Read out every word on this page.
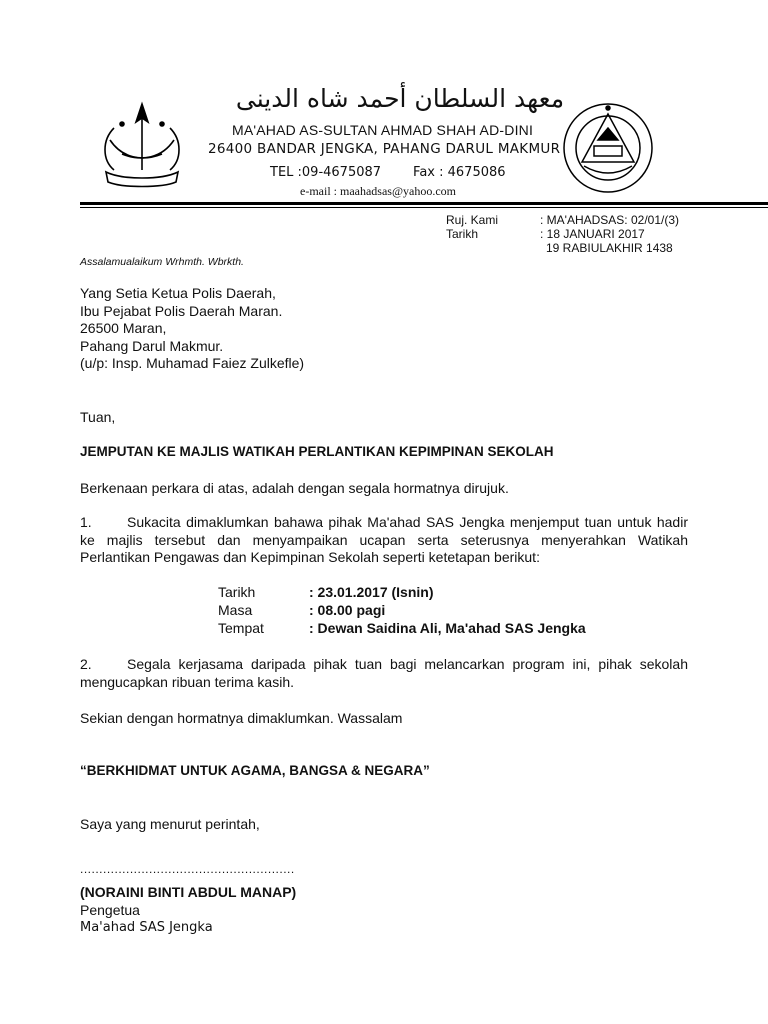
معهد السلطان أحمد شاه الدينى
MA'AHAD AS-SULTAN AHMAD SHAH AD-DINI
26400 BANDAR JENGKA, PAHANG DARUL MAKMUR
TEL :09-4675087 Fax : 4675086
e-mail : maahadsas@yahoo.com
Ruj. Kami	: MA'AHADSAS: 02/01/(3)
Tarikh	: 18 JANUARI 2017
19 RABIULAKHIR 1438
Assalamualaikum Wrhmth. Wbrkth.
Yang Setia Ketua Polis Daerah,
Ibu Pejabat Polis Daerah Maran.
26500 Maran,
Pahang Darul Makmur.
(u/p: Insp. Muhamad Faiez Zulkefle)
Tuan,
JEMPUTAN KE MAJLIS WATIKAH PERLANTIKAN KEPIMPINAN SEKOLAH
Berkenaan perkara di atas, adalah dengan segala hormatnya dirujuk.
1.	Sukacita dimaklumkan bahawa pihak Ma'ahad SAS Jengka menjemput tuan untuk hadir ke majlis tersebut dan menyampaikan ucapan serta seterusnya menyerahkan Watikah Perlantikan Pengawas dan Kepimpinan Sekolah seperti ketetapan berikut:
Tarikh	: 23.01.2017 (Isnin)
Masa	: 08.00 pagi
Tempat	: Dewan Saidina Ali, Ma'ahad SAS Jengka
2.	Segala kerjasama daripada pihak tuan bagi melancarkan program ini, pihak sekolah mengucapkan ribuan terima kasih.
Sekian dengan hormatnya dimaklumkan. Wassalam
“BERKHIDMAT UNTUK AGAMA, BANGSA & NEGARA”
Saya yang menurut perintah,
........................................................
(NORAINI BINTI ABDUL MANAP)
Pengetua
Ma'ahad SAS Jengka
